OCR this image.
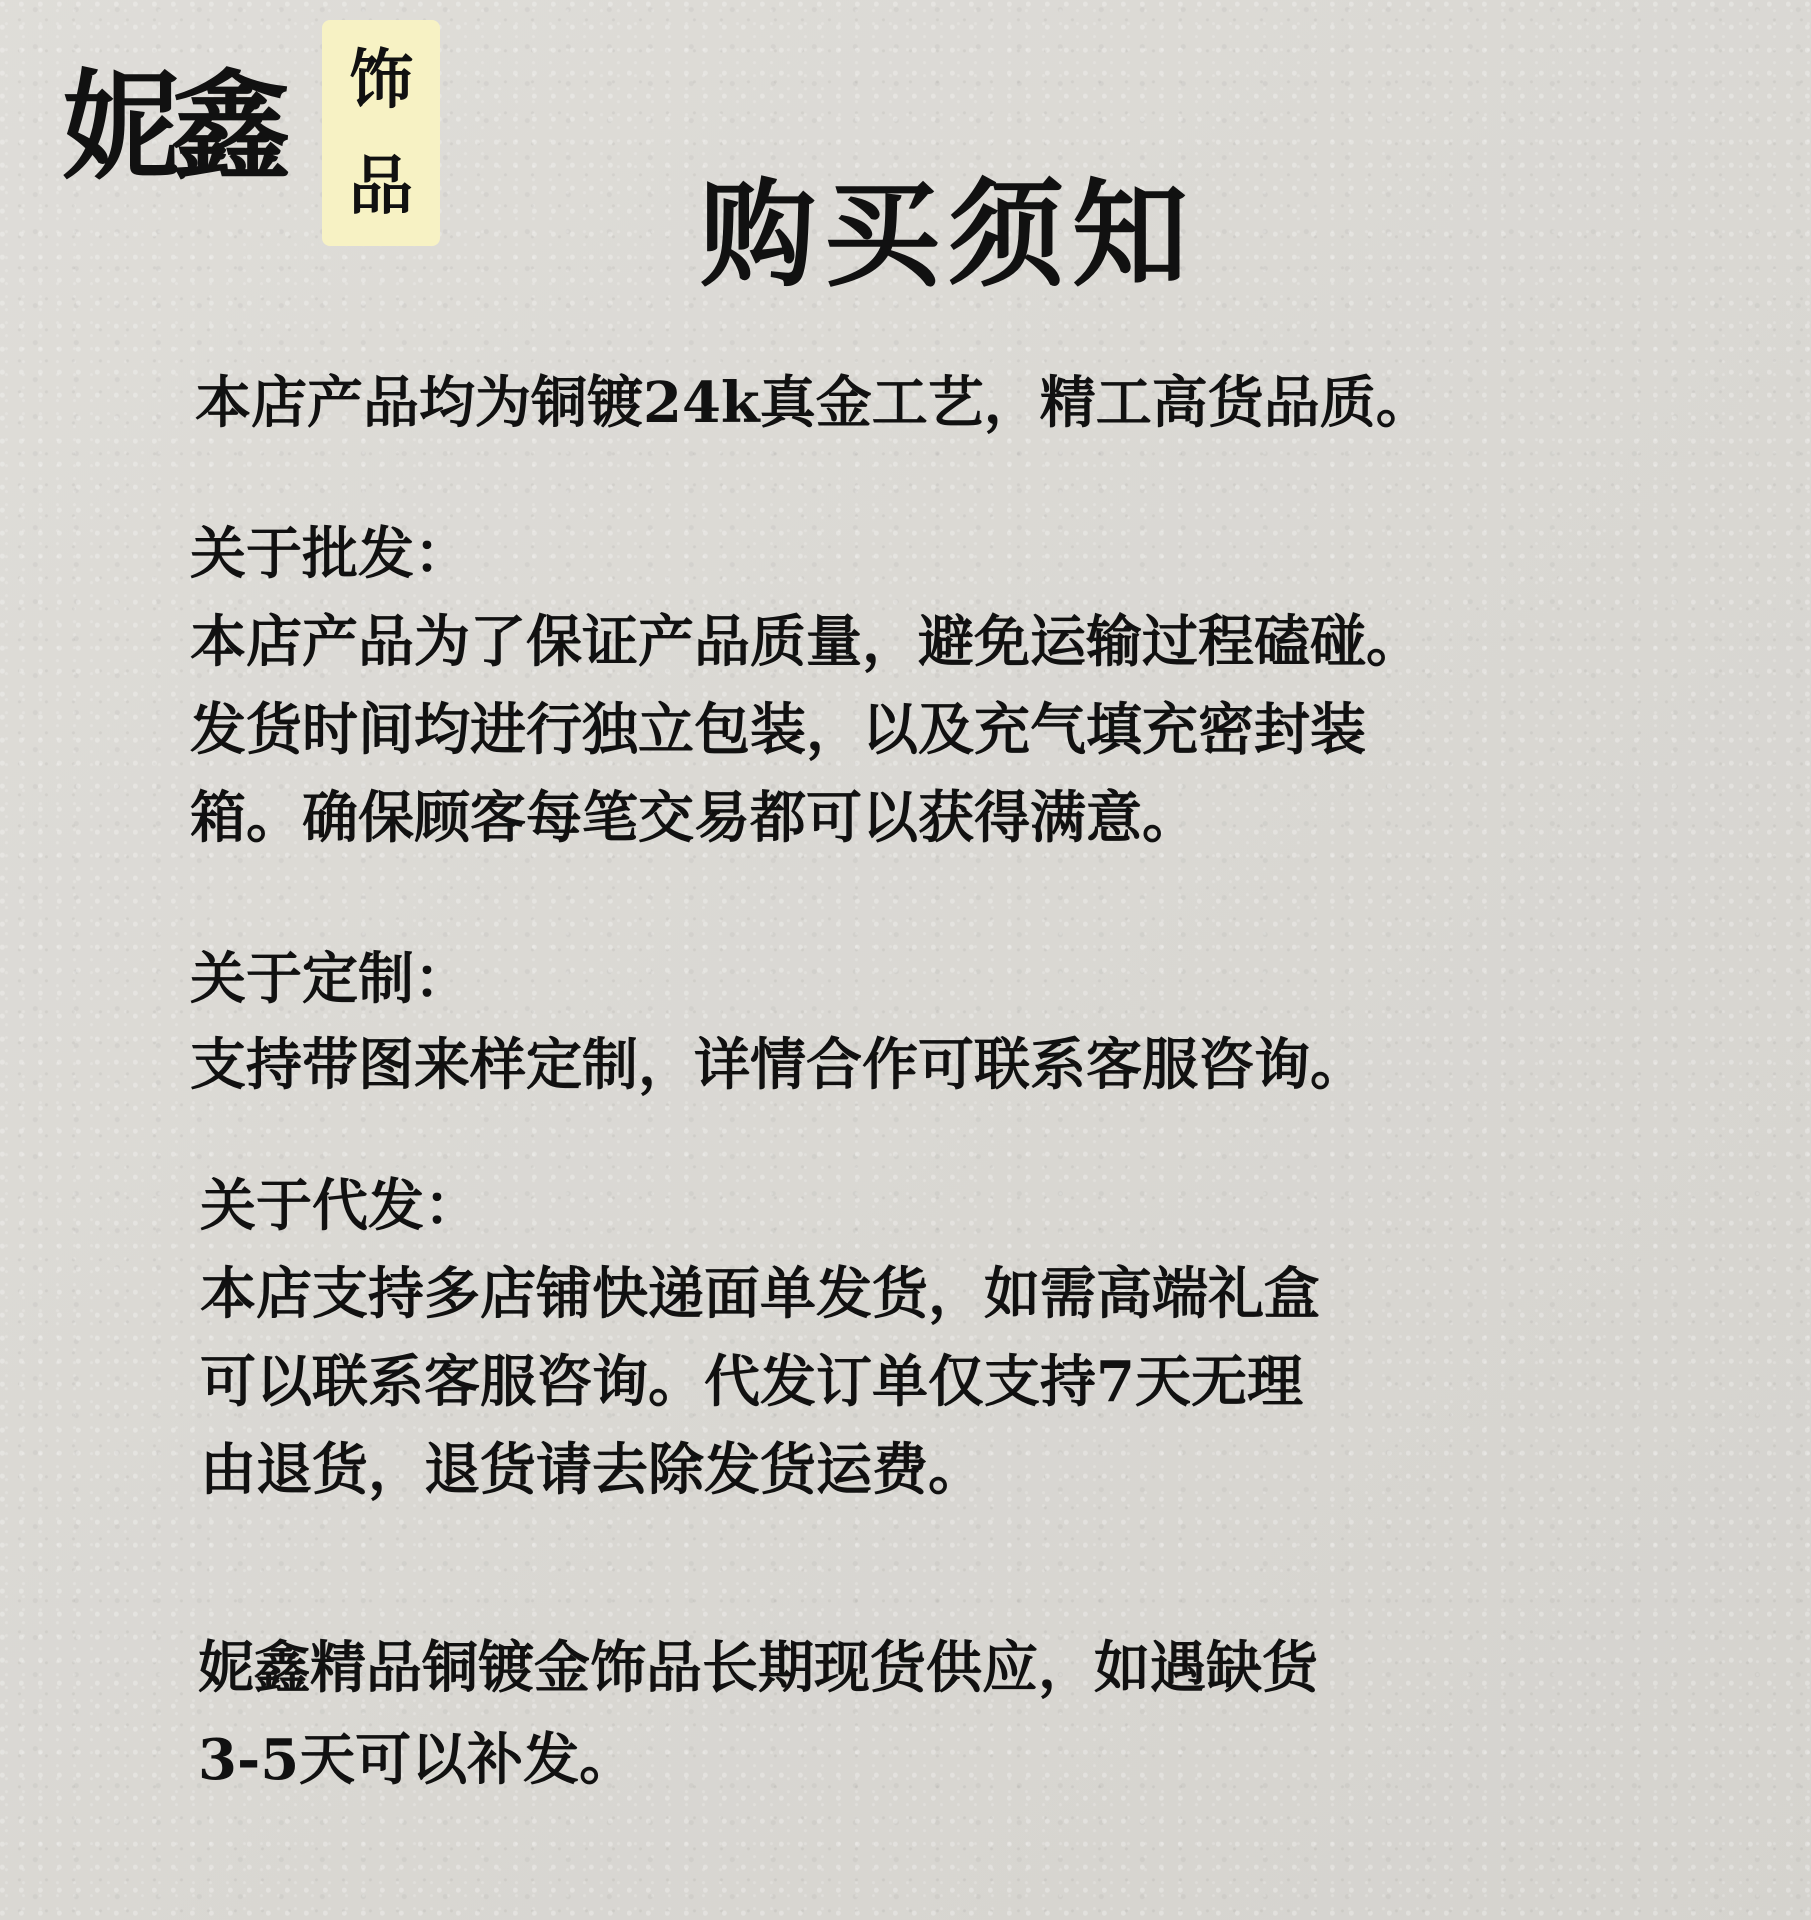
妮鑫	饰
品 购买须知
本店产品均为铜镀24k真金工艺，精工高货品质。
关于批发：

本店产品为了保证产品质量，避免运输过程磕碰。

发货时间均进行独立包装，以及充气填充密封装

箱。确保顾客每笔交易都可以获得满意。

关于定制：

支持带图来样定制，详情合作可联系客服咨询。

关于代发：

本店支持多店铺快递面单发货，如需高端礼盒

可以联系客服咨询。代发订单仅支持7天无理

由退货，退货请去除发货运费。

妮鑫精品铜镀金饰品长期现货供应，如遇缺货
3-5天可以补发。
